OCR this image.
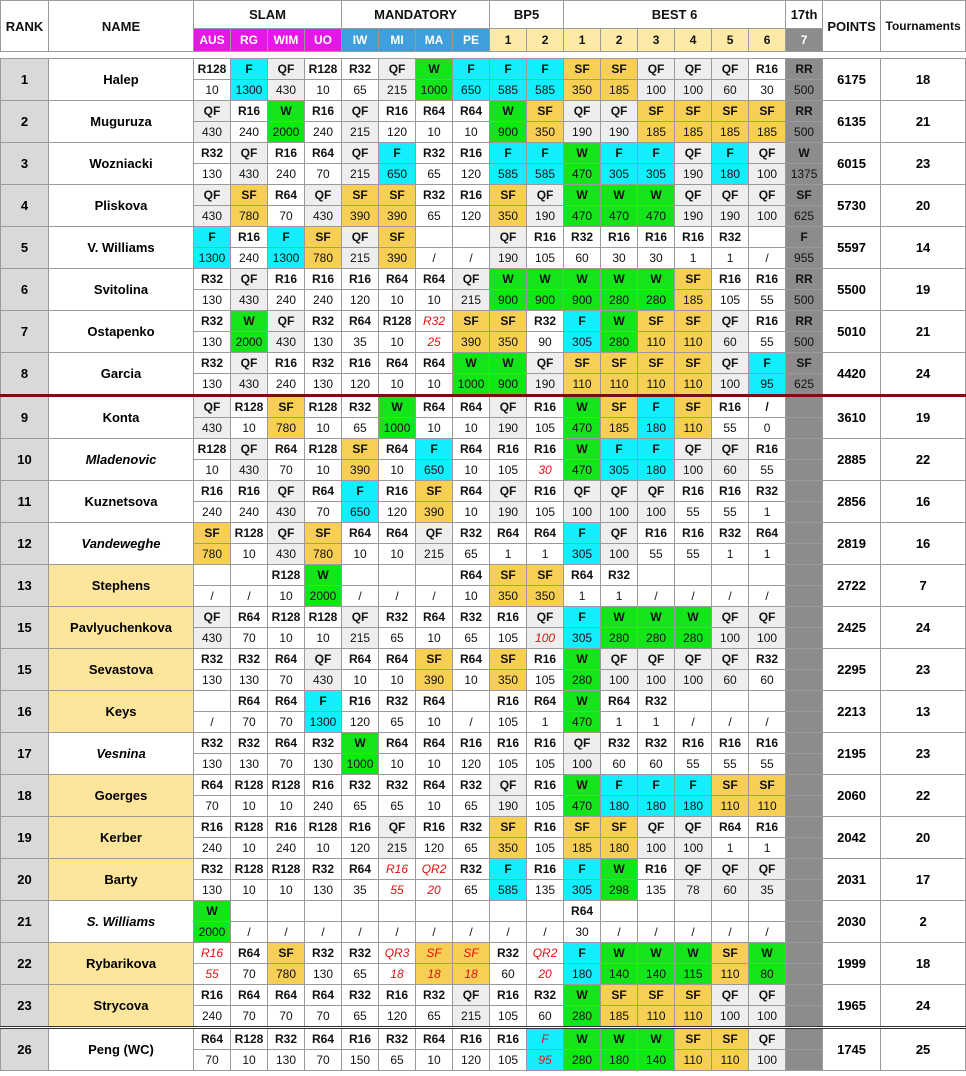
RANK	NAME	SLAM				MANDATORY				BP5		BEST 6						17th	POINTS	Tournaments
		AUS	RG	WIM	UO	IW	MI	MA	PE	1	2	1	2	3	4	5	6	7		

1	Halep	R128	F	QF	R128	R32	QF	W	F	F	F	SF	SF	QF	QF	QF	R16	RR	6175	18
		10	1300	430	10	65	215	1000	650	585	585	350	185	100	100	60	30	500		
2	Muguruza	QF	R16	W	R16	QF	R16	R64	R64	W	SF	QF	QF	SF	SF	SF	SF	RR	6135	21
		430	240	2000	240	215	120	10	10	900	350	190	190	185	185	185	185	500		
3	Wozniacki	R32	QF	R16	R64	QF	F	R32	R16	F	F	W	F	F	QF	F	QF	W	6015	23
		130	430	240	70	215	650	65	120	585	585	470	305	305	190	180	100	1375		
4	Pliskova	QF	SF	R64	QF	SF	SF	R32	R16	SF	QF	W	W	W	QF	QF	QF	SF	5730	20
		430	780	70	430	390	390	65	120	350	190	470	470	470	190	190	100	625		
5	V. Williams	F	R16	F	SF	QF	SF			QF	R16	R32	R16	R16	R16	R32		F	5597	14
		1300	240	1300	780	215	390	/	/	190	105	60	30	30	1	1	/	955		
6	Svitolina	R32	QF	R16	R16	R16	R64	R64	QF	W	W	W	W	W	SF	R16	R16	RR	5500	19
		130	430	240	240	120	10	10	215	900	900	900	280	280	185	105	55	500		
7	Ostapenko	R32	W	QF	R32	R64	R128	R32	SF	SF	R32	F	W	SF	SF	QF	R16	RR	5010	21
		130	2000	430	130	35	10	25	390	350	90	305	280	110	110	60	55	500		
8	Garcia	R32	QF	R16	R32	R16	R64	R64	W	W	QF	SF	SF	SF	SF	QF	F	SF	4420	24
		130	430	240	130	120	10	10	1000	900	190	110	110	110	110	100	95	625		
9	Konta	QF	R128	SF	R128	R32	W	R64	R64	QF	R16	W	SF	F	SF	R16	/		3610	19
		430	10	780	10	65	1000	10	10	190	105	470	185	180	110	55	0			
10	Mladenovic	R128	QF	R64	R128	SF	R64	F	R64	R16	R16	W	F	F	QF	QF	R16		2885	22
		10	430	70	10	390	10	650	10	105	30	470	305	180	100	60	55			
11	Kuznetsova	R16	R16	QF	R64	F	R16	SF	R64	QF	R16	QF	QF	QF	R16	R16	R32		2856	16
		240	240	430	70	650	120	390	10	190	105	100	100	100	55	55	1			
12	Vandeweghe	SF	R128	QF	SF	R64	R64	QF	R32	R64	R64	F	QF	R16	R16	R32	R64		2819	16
		780	10	430	780	10	10	215	65	1	1	305	100	55	55	1	1			
13	Stephens			R128	W				R64	SF	SF	R64	R32						2722	7
		/	/	10	2000	/	/	/	10	350	350	1	1	/	/	/	/			
15	Pavlyuchenkova	QF	R64	R128	R128	QF	R32	R64	R32	R16	QF	F	W	W	W	QF	QF		2425	24
		430	70	10	10	215	65	10	65	105	100	305	280	280	280	100	100			
15	Sevastova	R32	R32	R64	QF	R64	R64	SF	R64	SF	R16	W	QF	QF	QF	QF	R32		2295	23
		130	130	70	430	10	10	390	10	350	105	280	100	100	100	60	60			
16	Keys		R64	R64	F	R16	R32	R64		R16	R64	W	R64	R32					2213	13
		/	70	70	1300	120	65	10	/	105	1	470	1	1	/	/	/			
17	Vesnina	R32	R32	R64	R32	W	R64	R64	R16	R16	R16	QF	R32	R32	R16	R16	R16		2195	23
		130	130	70	130	1000	10	10	120	105	105	100	60	60	55	55	55			
18	Goerges	R64	R128	R128	R16	R32	R32	R64	R32	QF	R16	W	F	F	F	SF	SF		2060	22
		70	10	10	240	65	65	10	65	190	105	470	180	180	180	110	110			
19	Kerber	R16	R128	R16	R128	R16	QF	R16	R32	SF	R16	SF	SF	QF	QF	R64	R16		2042	20
		240	10	240	10	120	215	120	65	350	105	185	180	100	100	1	1			
20	Barty	R32	R128	R128	R32	R64	R16	QR2	R32	F	R16	F	W	R16	QF	QF	QF		2031	17
		130	10	10	130	35	55	20	65	585	135	305	298	135	78	60	35			
21	S. Williams	W										R64							2030	2
		2000	/	/	/	/	/	/	/	/	/	30	/	/	/	/	/			
22	Rybarikova	R16	R64	SF	R32	R32	QR3	SF	SF	R32	QR2	F	W	W	W	SF	W		1999	18
		55	70	780	130	65	18	18	18	60	20	180	140	140	115	110	80			
23	Strycova	R16	R64	R64	R64	R32	R16	R32	QF	R16	R32	W	SF	SF	SF	QF	QF		1965	24
		240	70	70	70	65	120	65	215	105	60	280	185	110	110	100	100			
26	Peng (WC)	R64	R128	R32	R64	R16	R32	R64	R16	R16	F	W	W	W	SF	SF	QF		1745	25
		70	10	130	70	150	65	10	120	105	95	280	180	140	110	110	100			
